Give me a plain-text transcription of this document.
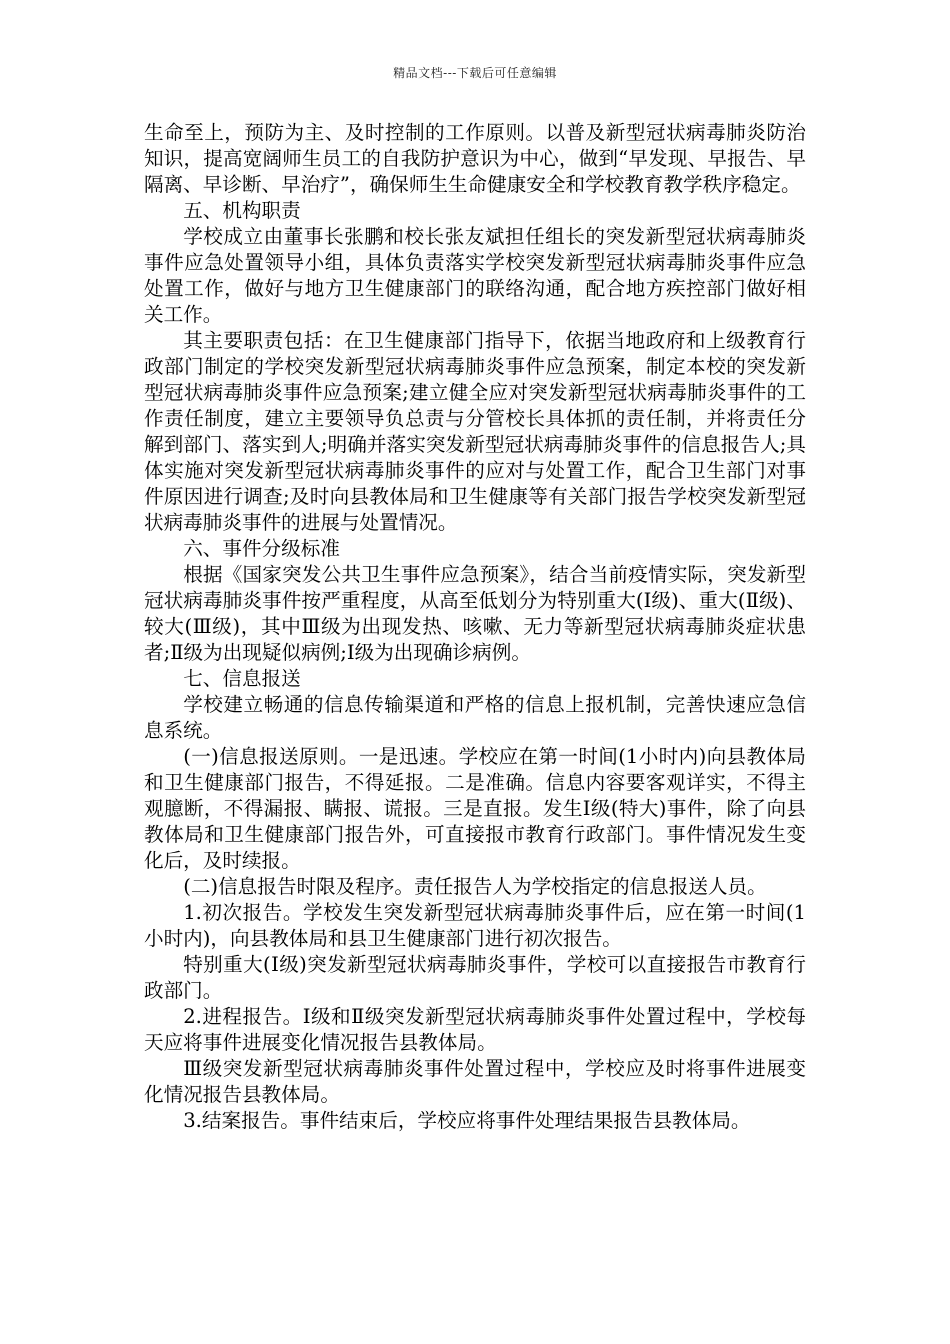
精品文档---下载后可任意编辑

生命至上，预防为主、及时控制的工作原则。以普及新型冠状病毒肺炎防治知识，提高宽阔师生员工的自我防护意识为中心，做到“早发现、早报告、早隔离、早诊断、早治疗”，确保师生生命健康安全和学校教育教学秩序稳定。

五、机构职责

学校成立由董事长张鹏和校长张友斌担任组长的突发新型冠状病毒肺炎事件应急处置领导小组，具体负责落实学校突发新型冠状病毒肺炎事件应急处置工作，做好与地方卫生健康部门的联络沟通，配合地方疾控部门做好相关工作。

其主要职责包括：在卫生健康部门指导下，依据当地政府和上级教育行政部门制定的学校突发新型冠状病毒肺炎事件应急预案，制定本校的突发新型冠状病毒肺炎事件应急预案;建立健全应对突发新型冠状病毒肺炎事件的工作责任制度，建立主要领导负总责与分管校长具体抓的责任制，并将责任分解到部门、落实到人;明确并落实突发新型冠状病毒肺炎事件的信息报告人;具体实施对突发新型冠状病毒肺炎事件的应对与处置工作，配合卫生部门对事件原因进行调查;及时向县教体局和卫生健康等有关部门报告学校突发新型冠状病毒肺炎事件的进展与处置情况。

六、事件分级标准

根据《国家突发公共卫生事件应急预案》，结合当前疫情实际，突发新型冠状病毒肺炎事件按严重程度，从高至低划分为特别重大(Ⅰ级)、重大(Ⅱ级)、较大(Ⅲ级)，其中Ⅲ级为出现发热、咳嗽、无力等新型冠状病毒肺炎症状患者;Ⅱ级为出现疑似病例;Ⅰ级为出现确诊病例。

七、信息报送

学校建立畅通的信息传输渠道和严格的信息上报机制，完善快速应急信息系统。

(一)信息报送原则。一是迅速。学校应在第一时间(1小时内)向县教体局和卫生健康部门报告，不得延报。二是准确。信息内容要客观详实，不得主观臆断，不得漏报、瞒报、谎报。三是直报。发生Ⅰ级(特大)事件，除了向县教体局和卫生健康部门报告外，可直接报市教育行政部门。事件情况发生变化后，及时续报。

(二)信息报告时限及程序。责任报告人为学校指定的信息报送人员。

1.初次报告。学校发生突发新型冠状病毒肺炎事件后，应在第一时间(1小时内)，向县教体局和县卫生健康部门进行初次报告。

特别重大(Ⅰ级)突发新型冠状病毒肺炎事件，学校可以直接报告市教育行政部门。

2.进程报告。Ⅰ级和Ⅱ级突发新型冠状病毒肺炎事件处置过程中，学校每天应将事件进展变化情况报告县教体局。

Ⅲ级突发新型冠状病毒肺炎事件处置过程中，学校应及时将事件进展变化情况报告县教体局。

3.结案报告。事件结束后，学校应将事件处理结果报告县教体局。
